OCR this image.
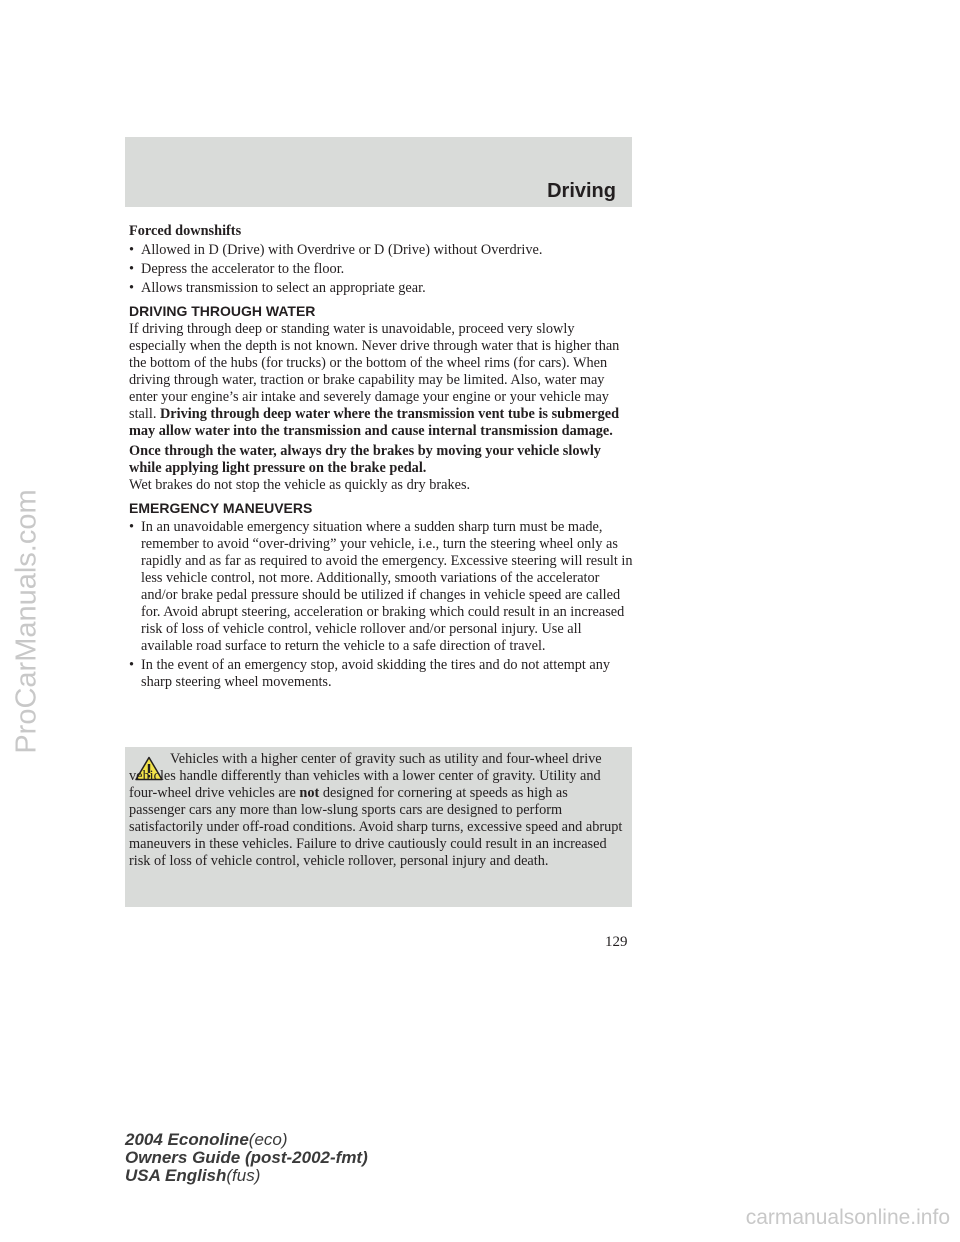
Driving

Forced downshifts

• Allowed in D (Drive) with Overdrive or D (Drive) without Overdrive.
• Depress the accelerator to the floor.
• Allows transmission to select an appropriate gear.
DRIVING THROUGH WATER

If driving through deep or standing water is unavoidable, proceed very slowly especially when the depth is not known. Never drive through water that is higher than the bottom of the hubs (for trucks) or the bottom of the wheel rims (for cars). When driving through water, traction or brake capability may be limited. Also, water may enter your engine’s air intake and severely damage your engine or your vehicle may stall. Driving through deep water where the transmission vent tube is submerged may allow water into the transmission and cause internal transmission damage.

Once through the water, always dry the brakes by moving your vehicle slowly while applying light pressure on the brake pedal.
Wet brakes do not stop the vehicle as quickly as dry brakes.

EMERGENCY MANEUVERS
• In an unavoidable emergency situation where a sudden sharp turn must be made, remember to avoid “over-driving” your vehicle, i.e., turn the steering wheel only as rapidly and as far as required to avoid the emergency. Excessive steering will result in less vehicle control, not more. Additionally, smooth variations of the accelerator and/or brake pedal pressure should be utilized if changes in vehicle speed are called for. Avoid abrupt steering, acceleration or braking which could result in an increased risk of loss of vehicle control, vehicle rollover and/or personal injury. Use all available road surface to return the vehicle to a safe direction of travel.
• In the event of an emergency stop, avoid skidding the tires and do not attempt any sharp steering wheel movements.

Vehicles with a higher center of gravity such as utility and four-wheel drive vehicles handle differently than vehicles with a lower center of gravity. Utility and four-wheel drive vehicles are not designed for cornering at speeds as high as passenger cars any more than low-slung sports cars are designed to perform satisfactorily under off-road conditions. Avoid sharp turns, excessive speed and abrupt maneuvers in these vehicles. Failure to drive cautiously could result in an increased risk of loss of vehicle control, vehicle rollover, personal injury and death.

129
2004 Econoline(eco)
Owners Guide (post-2002-fmt)
USA English(fus)
ProCarManuals.com
carmanualsonline.info
